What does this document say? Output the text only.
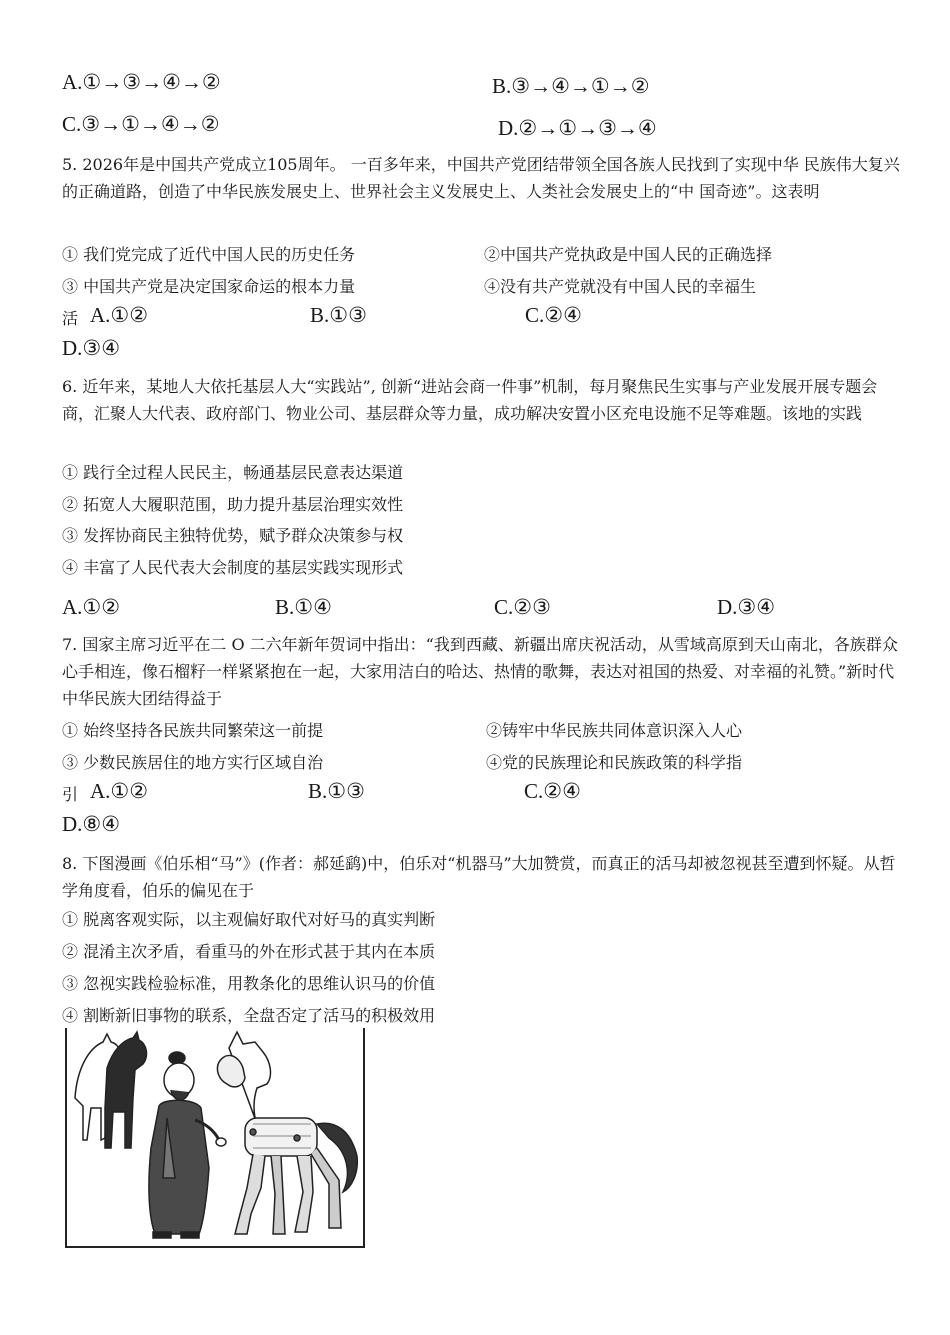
A.①→③→④→②	B.③→④→①→②
C.③→①→④→②	D.②→①→③→④
5. 2026年是中国共产党成立105周年。 一百多年来，中国共产党团结带领全国各族人民找到了实现中华 民族伟大复兴的正确道路，创造了中华民族发展史上、世界社会主义发展史上、人类社会发展史上的“中 国奇迹”。这表明
① 我们党完成了近代中国人民的历史任务	②中国共产党执政是中国人民的正确选择
③ 中国共产党是决定国家命运的根本力量	④没有共产党就没有中国人民的幸福生
活 A.①②	B.①③	C.②④
D.③④
6. 近年来，某地人大依托基层人大“实践站”, 创新“进站会商一件事”机制，每月聚焦民生实事与产业发展开展专题会商，汇聚人大代表、政府部门、物业公司、基层群众等力量，成功解决安置小区充电设施不足等难题。该地的实践
① 践行全过程人民民主，畅通基层民意表达渠道
② 拓宽人大履职范围，助力提升基层治理实效性
③ 发挥协商民主独特优势，赋予群众决策参与权
④ 丰富了人民代表大会制度的基层实践实现形式
A.①②	B.①④	C.②③	D.③④
7. 国家主席习近平在二 O 二六年新年贺词中指出：“我到西藏、新疆出席庆祝活动，从雪域高原到天山南北，各族群众心手相连，像石榴籽一样紧紧抱在一起，大家用洁白的哈达、热情的歌舞，表达对祖国的热爱、对幸福的礼赞。”新时代中华民族大团结得益于
① 始终坚持各民族共同繁荣这一前提	②铸牢中华民族共同体意识深入人心
③ 少数民族居住的地方实行区域自治	④党的民族理论和民族政策的科学指
引 A.①②	B.①③	C.②④
D.⑧④
8. 下图漫画《伯乐相“马”》(作者：郝延鹞)中，伯乐对“机器马”大加赞赏，而真正的活马却被忽视甚至遭到怀疑。从哲学角度看，伯乐的偏见在于
① 脱离客观实际，以主观偏好取代对好马的真实判断
② 混淆主次矛盾，看重马的外在形式甚于其内在本质
③ 忽视实践检验标准，用教条化的思维认识马的价值
④ 割断新旧事物的联系，全盘否定了活马的积极效用
